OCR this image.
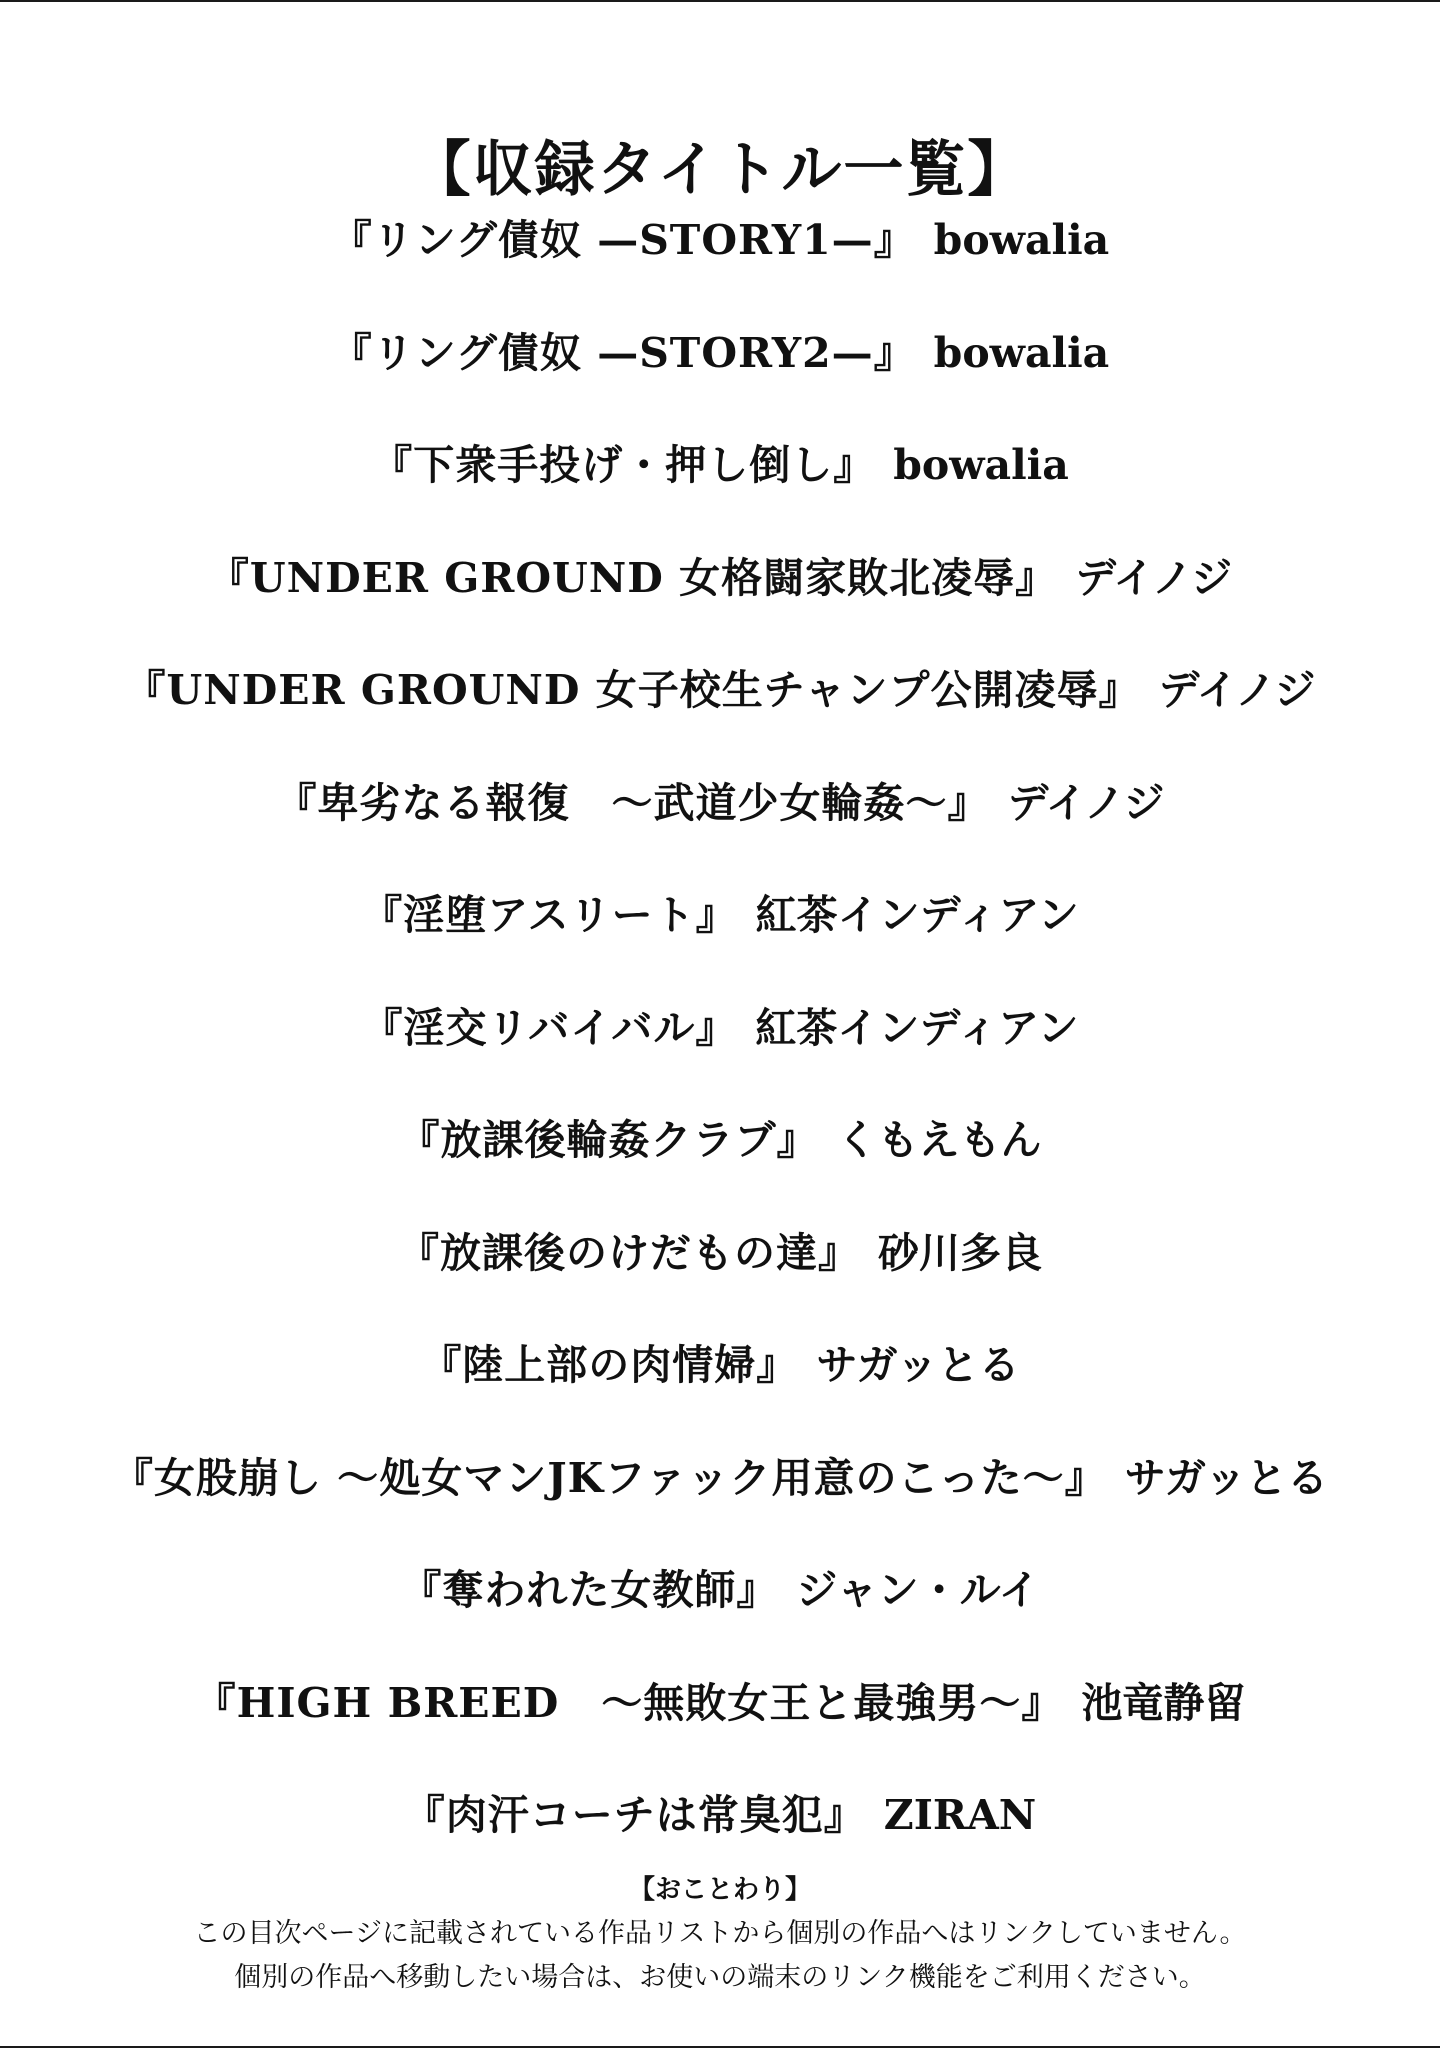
【収録タイトル一覧】
『リング債奴 —STORY1—』 bowalia
『リング債奴 —STORY2—』 bowalia
『下衆手投げ・押し倒し』 bowalia
『UNDER GROUND 女格闘家敗北凌辱』 デイノジ
『UNDER GROUND 女子校生チャンプ公開凌辱』 デイノジ
『卑劣なる報復　～武道少女輪姦～』 デイノジ
『淫堕アスリート』 紅茶インディアン
『淫交リバイバル』 紅茶インディアン
『放課後輪姦クラブ』 くもえもん
『放課後のけだもの達』 砂川多良
『陸上部の肉情婦』 サガッとる
『女股崩し ～処女マンJKファック用意のこった～』 サガッとる
『奪われた女教師』 ジャン・ルイ
『HIGH BREED　～無敗女王と最強男～』 池竜静留
『肉汗コーチは常臭犯』 ZIRAN
【おことわり】
この目次ページに記載されている作品リストから個別の作品へはリンクしていません。
個別の作品へ移動したい場合は、お使いの端末のリンク機能をご利用ください。
